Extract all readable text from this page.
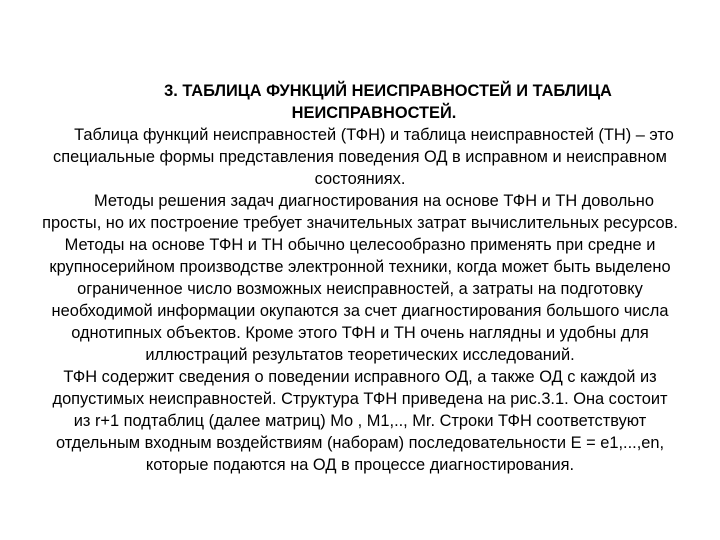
3. ТАБЛИЦА ФУНКЦИЙ НЕИСПРАВНОСТЕЙ И ТАБЛИЦА
НЕИСПРАВНОСТЕЙ.
Таблица функций неисправностей (ТФН) и таблица неисправностей (ТН) – это
специальные формы представления поведения ОД в исправном и неисправном
состояниях.
Методы решения задач диагностирования на основе ТФН и ТН довольно
просты, но их построение требует значительных затрат вычислительных ресурсов.
Методы на основе ТФН и ТН обычно целесообразно применять при средне и
крупносерийном производстве электронной техники, когда может быть выделено
ограниченное число возможных неисправностей, а затраты на подготовку
необходимой информации окупаются за счет диагностирования большого числа
однотипных объектов. Кроме этого ТФН и ТН очень наглядны и удобны для
иллюстраций результатов теоретических исследований.
ТФН содержит сведения о поведении исправного ОД, а также ОД с каждой из
допустимых неисправностей. Структура ТФН приведена на рис.3.1. Она состоит
из r+1 подтаблиц (далее матриц) Mo , M1,.., Mr. Строки ТФН соответствуют
отдельным входным воздействиям (наборам) последовательности E = e1,...,en,
которые подаются на ОД в процессе диагностирования.
